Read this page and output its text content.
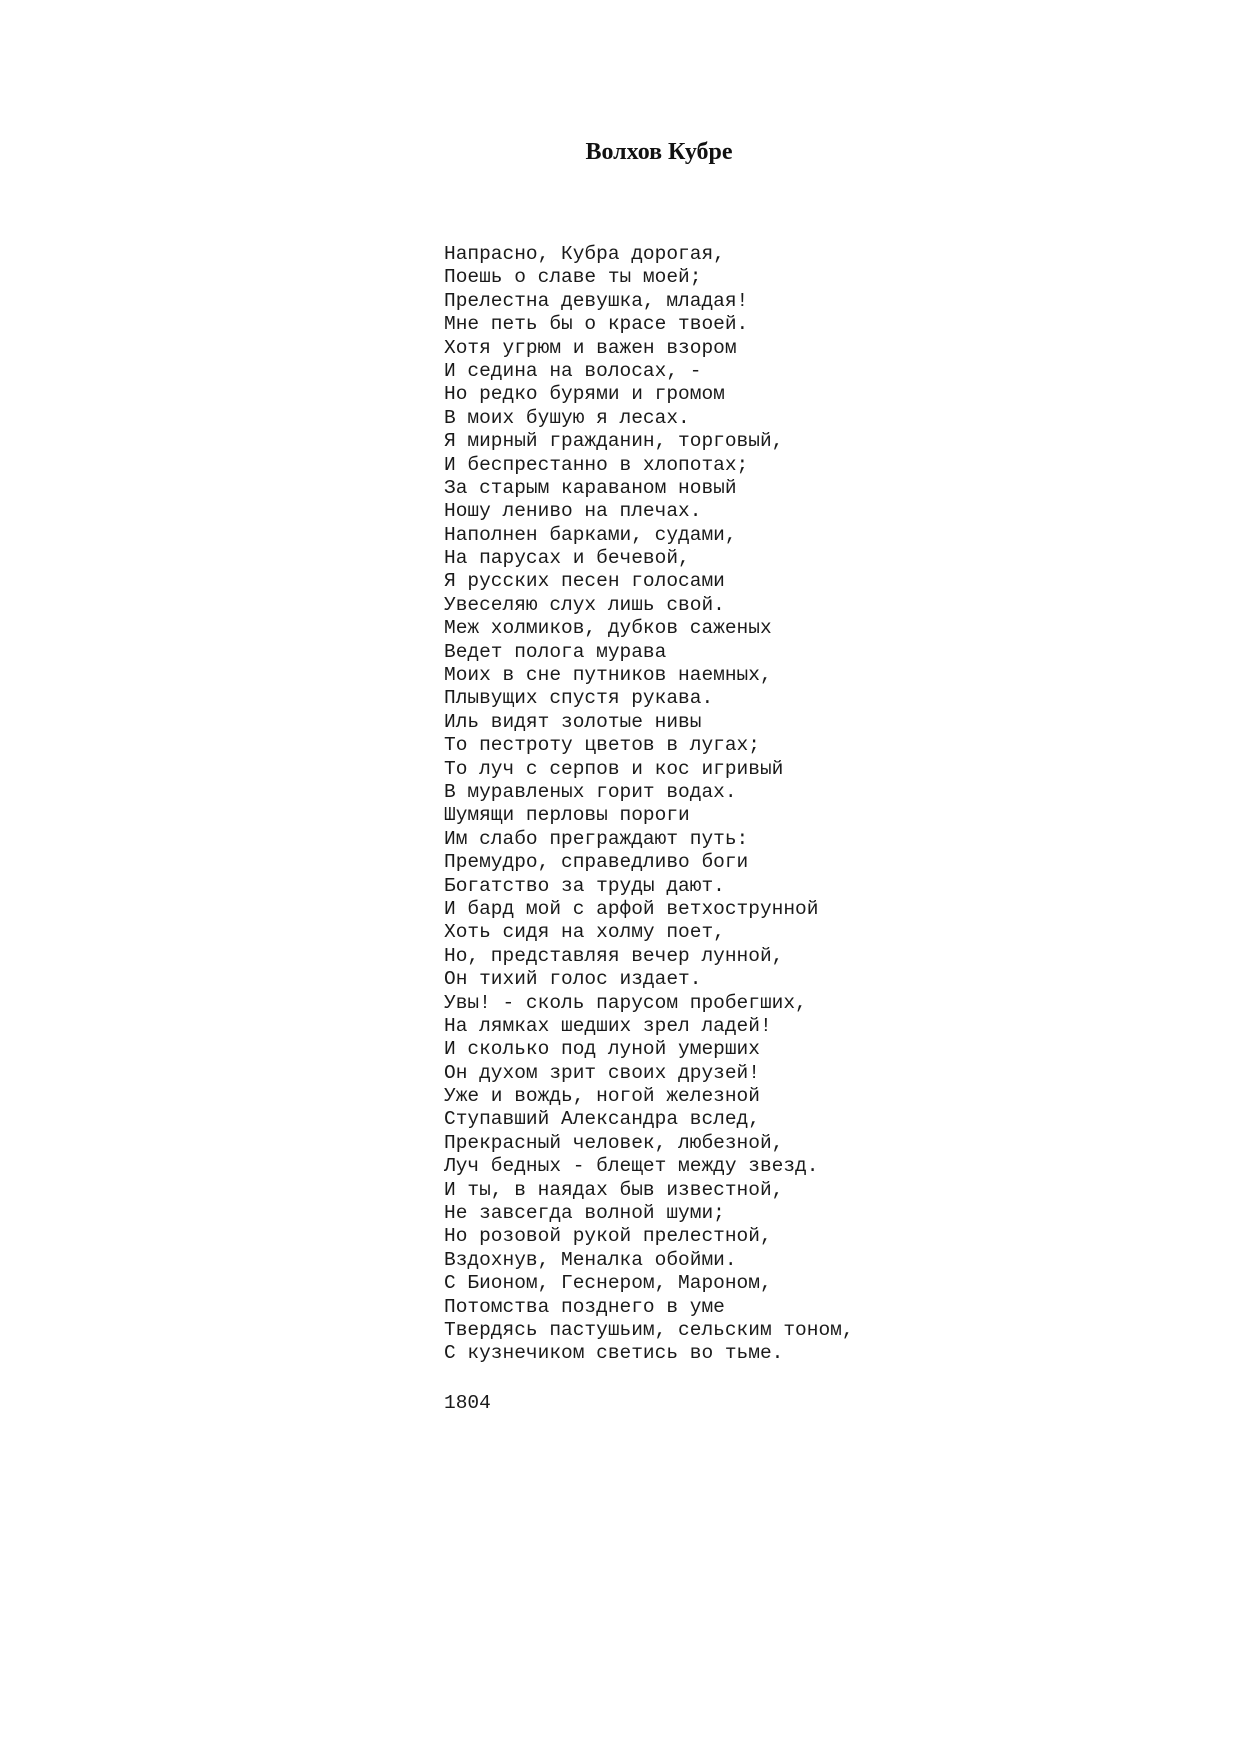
Волхов Кубре
Напрасно, Кубра дорогая,
Поешь о славе ты моей;
Прелестна девушка, младая!
Мне петь бы о красе твоей.
Хотя угрюм и важен взором
И седина на волосах, -
Но редко бурями и громом
В моих бушую я лесах.
Я мирный гражданин, торговый,
И беспрестанно в хлопотах;
За старым караваном новый
Ношу лениво на плечах.
Наполнен барками, судами,
На парусах и бечевой,
Я русских песен голосами
Увеселяю слух лишь свой.
Меж холмиков, дубков саженых
Ведет полога мурава
Моих в сне путников наемных,
Плывущих спустя рукава.
Иль видят золотые нивы
То пестроту цветов в лугах;
То луч с серпов и кос игривый
В муравленых горит водах.
Шумящи перловы пороги
Им слабо преграждают путь:
Премудро, справедливо боги
Богатство за труды дают.
И бард мой с арфой ветхострунной
Хоть сидя на холму поет,
Но, представляя вечер лунной,
Он тихий голос издает.
Увы! - сколь парусом пробегших,
На лямках шедших зрел ладей!
И сколько под луной умерших
Он духом зрит своих друзей!
Уже и вождь, ногой железной
Ступавший Александра вслед,
Прекрасный человек, любезной,
Луч бедных - блещет между звезд.
И ты, в наядах быв известной,
Не завсегда волной шуми;
Но розовой рукой прелестной,
Вздохнув, Меналка обойми.
С Бионом, Геснером, Мароном,
Потомства позднего в уме
Твердясь пастушьим, сельским тоном,
С кузнечиком светись во тьме.

1804
